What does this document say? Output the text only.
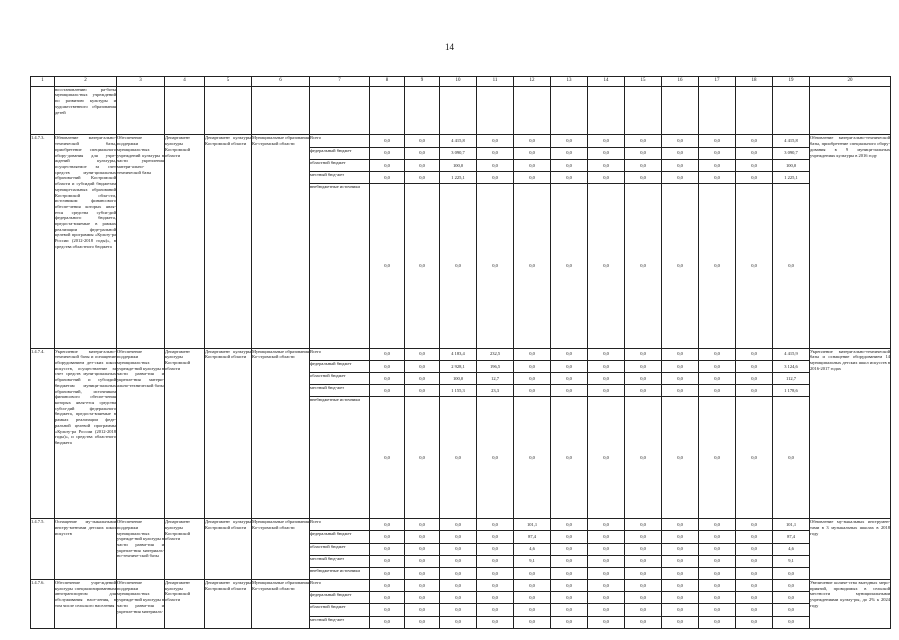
14
1	2	3	4	5	6	7	8	9	10	11	12	13	14	15	16	17	18	19	20
	восстановлению ра-боты муниципаль-ных учреждений по развитию культуры и художественного образования детей																		
1.4.7.3.	Обновление матери-ально-технической базы, приобретение специального обору-дования для учре-ждений культуры, осуществляемое за счет средств муни-ципальных образова-ний Костромской области и субсидий бюджетам муници-пальных образований Костромской обла-сти, источником финансового обеспе-чения которых явля-ется средства субси-дий федерального бюджета, предоста-вляемые в рамках реализации феде-ральной целевой программы «Культу-ра России (2012-2018 годы)», в средства областного бюджета	Обеспечение поддержки муниципаль-ных учреждений культуры в части укрепления матери-ально-технической базы	Департамент культуры Костромской области	Департамент культуры Костромской области	Муниципальные образования Ко-стромской области	Всего	0,0	0,0	4 415,8	0,0	0,0	0,0	0,0	0,0	0,0	0,0	0,0	4 415,8	Обновление матери-ально-технической базы, приобретение специального обору-дования в 9 муници-пальных учреждениях культуры в 2016 году
						федеральный бюджет	0,0	0,0	3 090,7	0,0	0,0	0,0	0,0	0,0	0,0	0,0	0,0	3 090,7	
						областной бюджет	0,0	0,0	100,0	0,0	0,0	0,0	0,0	0,0	0,0	0,0	0,0	100,0	
						местный бюд-жет	0,0	0,0	1 225,1	0,0	0,0	0,0	0,0	0,0	0,0	0,0	0,0	1 225,1	
						внебюджетные источники	0,0	0,0	0,0	0,0	0,0	0,0	0,0	0,0	0,0	0,0	0,0	0,0	
1.4.7.4.	Укрепление матери-ально-технической базы и оснащение оборудованием дет-ских школ искусств, осуществление за счет средств муни-ципальных образова-ний и субсидий бюджетам муници-пальных образова-ний, источником финансового обеспе-чения которых явля-ется средства субси-дий федерального бюджета, предоста-вляемые в рамках реализации феде-ральной целевой программы «Культу-ра России (2012-2018 годы)», и средства областного бюджета	Обеспечение поддержки муниципаль-ных учрежде-ний культуры в части разви-тия и укрепле-ния матери-ально-технической базы	Департамент культуры Костромской области	Департамент культуры Костромской области	Муниципальные образования Ко-стромской области	Всего	0,0	0,0	4 183,4	232,5	0,0	0,0	0,0	0,0	0,0	0,0	0,0	4 415,9	Укрепление матери-ально-технической базы и оснащение оборудованием 14 муниципальных детских школ искусств в 2016-2017 годах
						федеральный бюджет	0,0	0,0	2 928,1	196,5	0,0	0,0	0,0	0,0	0,0	0,0	0,0	3 124,6	
						областной бюджет	0,0	0,0	100,0	12,7	0,0	0,0	0,0	0,0	0,0	0,0	0,0	112,7	
						местный бюд-жет	0,0	0,0	1 155,3	23,3	0,0	0,0	0,0	0,0	0,0	0,0	0,0	1 178,6	
						внебюджетные источники	0,0	0,0	0,0	0,0	0,0	0,0	0,0	0,0	0,0	0,0	0,0	0,0	
1.4.7.5.	Оснащение му-зыкальными инстру-ментами детских школ искусств	Обеспечение поддержки муниципаль-ных учрежде-ний культуры в части разви-тия и укрепле-ния материаль-но-техниче-ской базы	Департамент культуры Костромской области	Департамент культуры Костромской области	Муниципальные образования Ко-стромской области	Всего	0,0	0,0	0,0	0,0	101,1	0,0	0,0	0,0	0,0	0,0	0,0	101,1	Обновление му-зыкальных инструмен-тами в 3 музыкальных школах в 2018 году
						федеральный бюджет	0,0	0,0	0,0	0,0	87,4	0,0	0,0	0,0	0,0	0,0	0,0	87,4	
						областной бюджет	0,0	0,0	0,0	0,0	4,6	0,0	0,0	0,0	0,0	0,0	0,0	4,6	
						местный бюд-жет	0,0	0,0	0,0	0,0	9,1	0,0	0,0	0,0	0,0	0,0	0,0	9,1	
						внебюджетные источники	0,0	0,0	0,0	0,0	0,0	0,0	0,0	0,0	0,0	0,0	0,0	0,0	
1.4.7.6.	Обеспечение учре-ждений культуры специализированным автотранспортом для обслуживания насе-ления, в том числе сельского населения	Обеспечение поддержки муниципаль-ных учрежде-ний культуры в части разви-тия и укрепле-ния материаль-	Департамент культуры Костромской области	Департамент культуры Костромской области	Муниципальные образования Ко-стромской области	Всего	0,0	0,0	0,0	0,0	0,0	0,0	0,0	0,0	0,0	0,0	0,0	0,0	Увеличение количе-ства выездных меро-приятий, проводимых в сельской местности муниципальными учреждениями культу-ры, до 2% к 2024 году
						федеральный бюджет	0,0	0,0	0,0	0,0	0,0	0,0	0,0	0,0	0,0	0,0	0,0	0,0	
						областной бюджет	0,0	0,0	0,0	0,0	0,0	0,0	0,0	0,0	0,0	0,0	0,0	0,0	
						местный бюд-жет	0,0	0,0	0,0	0,0	0,0	0,0	0,0	0,0	0,0	0,0	0,0	0,0	
